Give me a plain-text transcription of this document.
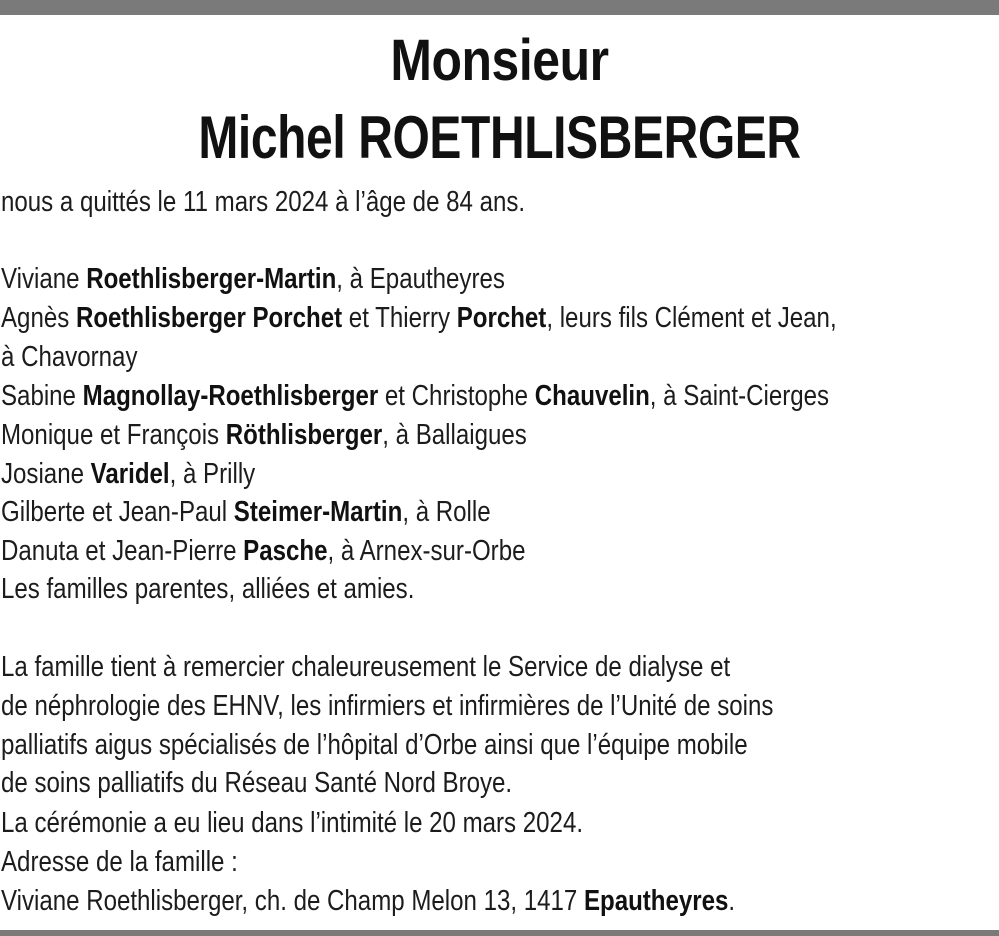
Monsieur
Michel ROETHLISBERGER
nous a quittés le 11 mars 2024 à l’âge de 84 ans.
Viviane Roethlisberger-Martin, à Epautheyres
Agnès Roethlisberger Porchet et Thierry Porchet, leurs fils Clément et Jean,
à Chavornay
Sabine Magnollay-Roethlisberger et Christophe Chauvelin, à Saint-Cierges
Monique et François Röthlisberger, à Ballaigues
Josiane Varidel, à Prilly
Gilberte et Jean-Paul Steimer-Martin, à Rolle
Danuta et Jean-Pierre Pasche, à Arnex-sur-Orbe
Les familles parentes, alliées et amies.
La famille tient à remercier chaleureusement le Service de dialyse et
de néphrologie des EHNV, les infirmiers et infirmières de l’Unité de soins
palliatifs aigus spécialisés de l’hôpital d’Orbe ainsi que l’équipe mobile
de soins palliatifs du Réseau Santé Nord Broye.
La cérémonie a eu lieu dans l’intimité le 20 mars 2024.
Adresse de la famille :
Viviane Roethlisberger, ch. de Champ Melon 13, 1417 Epautheyres.
